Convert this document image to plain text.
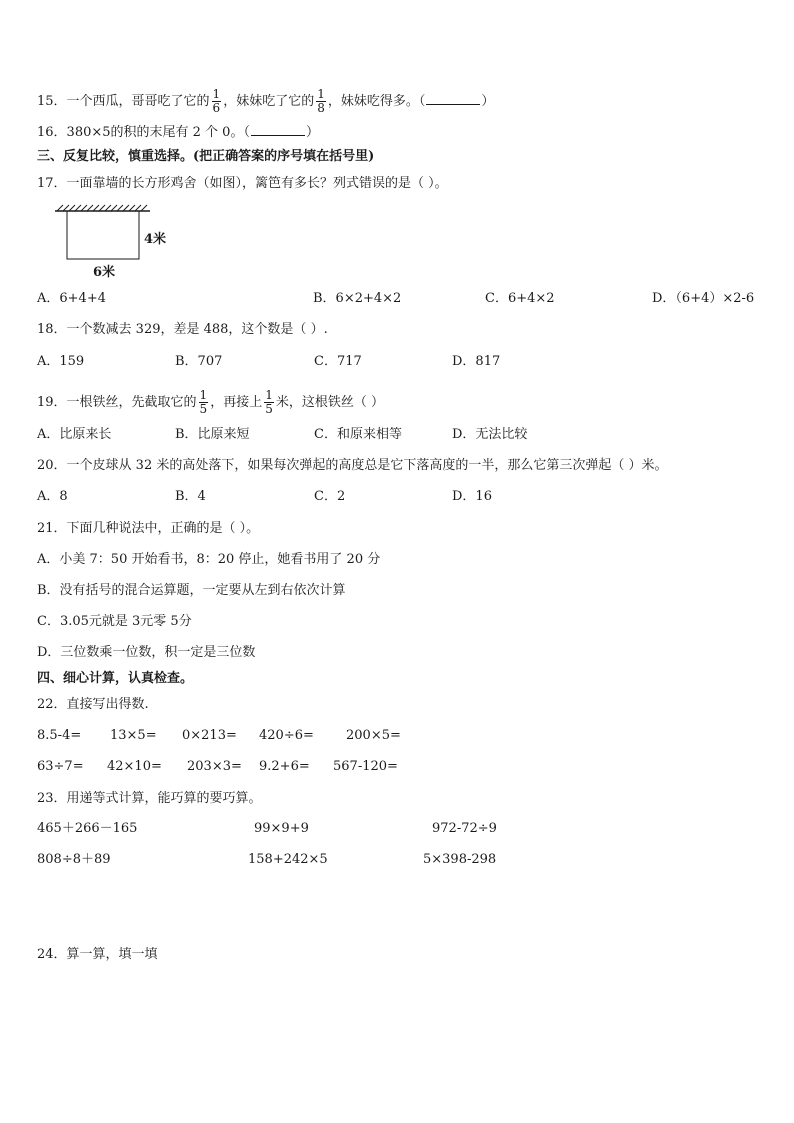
15．一个西瓜，哥哥吃了它的 $\frac{1}{6}$ ，妹妹吃了它的 $\frac{1}{8}$ ，妹妹吃得多。（	）
16．380×5的积的末尾有 2 个 0。（	）
三、反复比较，慎重选择。(把正确答案的序号填在括号里)
17．一面靠墙的长方形鸡舍（如图），篱笆有多长？列式错误的是（ ）。
4米
6米
A．6+4+4	B．6×2+4×2	C．6+4×2	D．（6+4）×2-6
18．一个数减去 329，差是 488，这个数是（ ）.
A．159	B．707	C．717	D．817
19．一根铁丝，先截取它的 $\frac{1}{5}$ ，再接上 $\frac{1}{5}$ 米，这根铁丝（ ）
A．比原来长	B．比原来短	C．和原来相等	D．无法比较
20．一个皮球从 32 米的高处落下，如果每次弹起的高度总是它下落高度的一半，那么它第三次弹起（ ）米。
A．8	B．4	C．2	D．16
21．下面几种说法中，正确的是（ ）。
A．小美 7：50 开始看书，8：20 停止，她看书用了 20 分
B．没有括号的混合运算题，一定要从左到右依次计算
C．3.05元就是 3元零 5分
D．三位数乘一位数，积一定是三位数
四、细心计算，认真检查。
22．直接写出得数.
8.5-4= 13×5= 0×213= 420÷6= 200×5=
63÷7= 42×10= 203×3= 9.2+6= 567-120=
23．用递等式计算，能巧算的要巧算。
465＋266－165	99×9+9	972-72÷9
808÷8＋89	158+242×5	5×398-298
24．算一算，填一填
